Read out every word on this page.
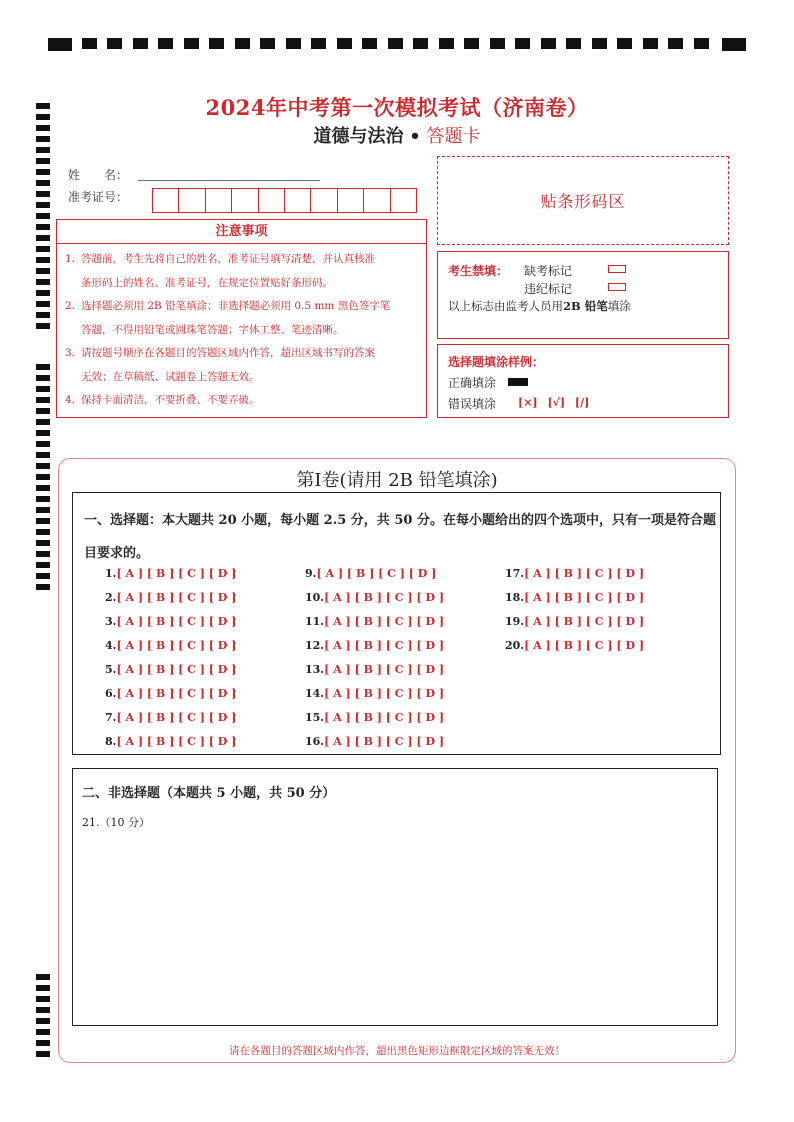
2024年中考第一次模拟考试（济南卷）
道德与法治 • 答题卡
姓　　名：
准考证号：	贴条形码区
注意事项
1. 答题前，考生先将自己的姓名，准考证号填写清楚，并认真核准
条形码上的姓名、准考证号，在规定位置贴好条形码。
2. 选择题必须用 2B 铅笔填涂；非选择题必须用 0.5 mm 黑色签字笔
答题，不得用铅笔或圆珠笔答题；字体工整、笔迹清晰。
3. 请按题号顺序在各题目的答题区域内作答，超出区域书写的答案
无效；在草稿纸、试题卷上答题无效。
4. 保持卡面清洁，不要折叠、不要弄破。
考生禁填： 缺考标记
违纪标记
以上标志由监考人员用2B 铅笔填涂
选择题填涂样例：
正确填涂
错误填涂 [×] [√] [/]
第Ⅰ卷(请用 2B 铅笔填涂)
一、选择题：本大题共 20 小题，每小题 2.5 分，共 50 分。在每小题给出的四个选项中，只有一项是符合题目要求的。
1.[ A ] [ B ] [ C ] [ D ]
2.[ A ] [ B ] [ C ] [ D ]
3.[ A ] [ B ] [ C ] [ D ]
4.[ A ] [ B ] [ C ] [ D ]
5.[ A ] [ B ] [ C ] [ D ]
6.[ A ] [ B ] [ C ] [ D ]
7.[ A ] [ B ] [ C ] [ D ]
8.[ A ] [ B ] [ C ] [ D ]
9.[ A ] [ B ] [ C ] [ D ]
10.[ A ] [ B ] [ C ] [ D ]
11.[ A ] [ B ] [ C ] [ D ]
12.[ A ] [ B ] [ C ] [ D ]
13.[ A ] [ B ] [ C ] [ D ]
14.[ A ] [ B ] [ C ] [ D ]
15.[ A ] [ B ] [ C ] [ D ]
16.[ A ] [ B ] [ C ] [ D ]
17.[ A ] [ B ] [ C ] [ D ]
18.[ A ] [ B ] [ C ] [ D ]
19.[ A ] [ B ] [ C ] [ D ]
20.[ A ] [ B ] [ C ] [ D ]
二、非选择题（本题共 5 小题，共 50 分）
21.（10 分）
请在各题目的答题区域内作答，超出黑色矩形边框限定区域的答案无效！
